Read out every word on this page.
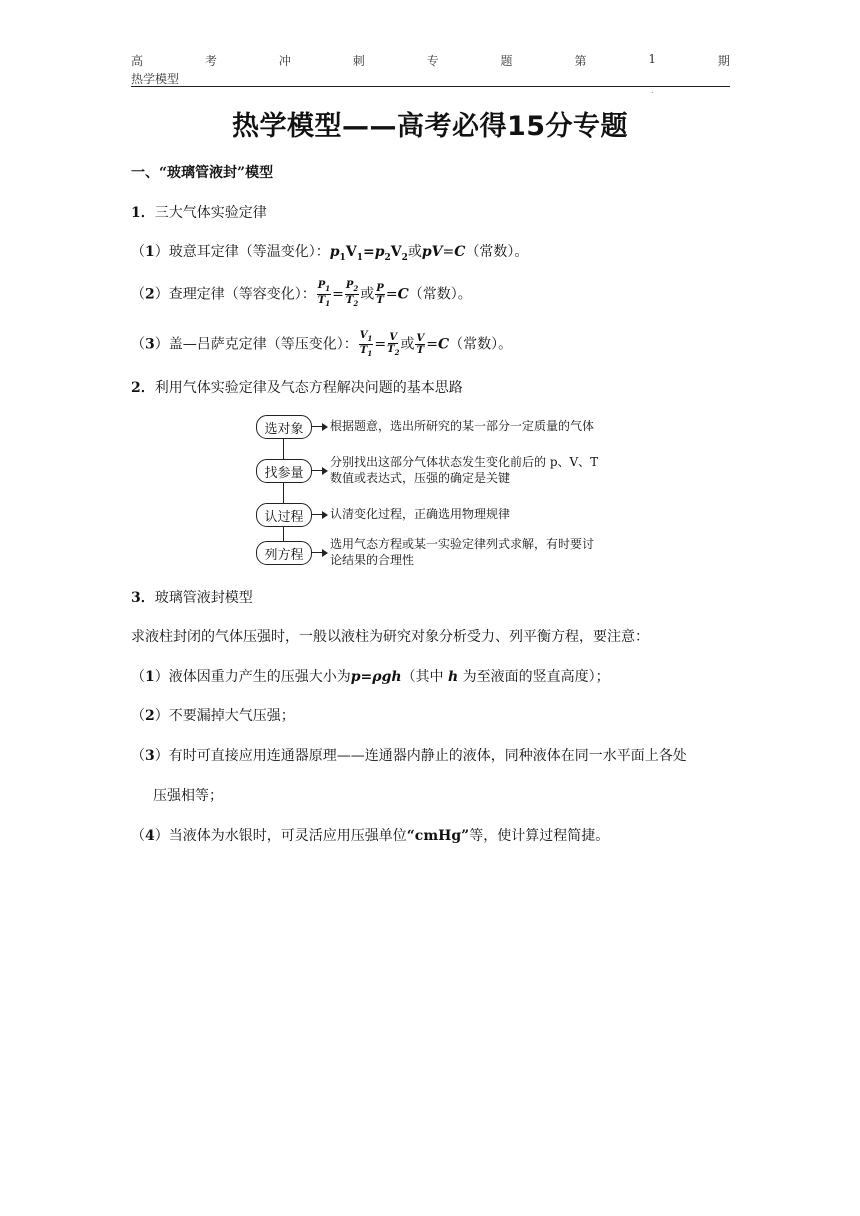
高	考	冲	刺	专	题	第	1	期
热学模型
.
热学模型——高考必得15分专题
一、“玻璃管液封”模型
1．三大气体实验定律
（1）玻意耳定律（等温变化）：$p_1V_1=p_2V_2$或pV=C（常数）。
（2）查理定律（等容变化）： $\frac{P_1}{T_1} = \frac{P_2}{T_2}$ 或 $\frac{P}{T} =C$（常数）。
（3）盖—吕萨克定律（等压变化）： $\frac{V_1}{T_1} = \frac{V}{T_2}$ 或 $\frac{V}{T} =C$（常数）。
2．利用气体实验定律及气态方程解决问题的基本思路
选对象	根据题意，选出所研究的某一部分一定质量的气体
找参量
分别找出这部分气体状态发生变化前后的 p、V、T
数值或表达式，压强的确定是关键
认过程	认清变化过程，正确选用物理规律
列方程
选用气态方程或某一实验定律列式求解，有时要讨
论结果的合理性
3．玻璃管液封模型
求液柱封闭的气体压强时，一般以液柱为研究对象分析受力、列平衡方程，要注意：
（1）液体因重力产生的压强大小为p=ρgh（其中 h 为至液面的竖直高度）；
（2）不要漏掉大气压强；
（3）有时可直接应用连通器原理——连通器内静止的液体，同种液体在同一水平面上各处
压强相等；
（4）当液体为水银时，可灵活应用压强单位“cmHg”等，使计算过程简捷。
